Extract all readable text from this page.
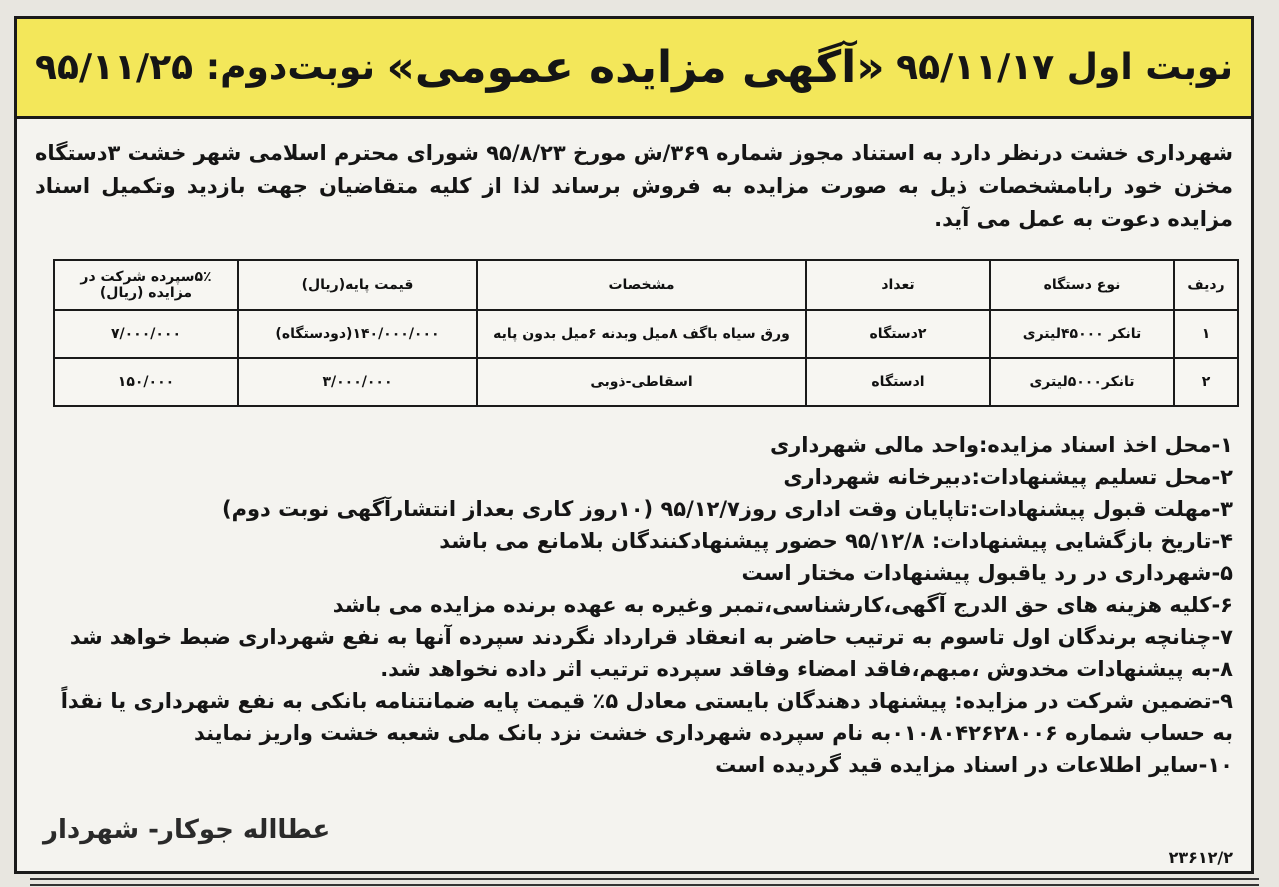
نوبت اول ۹۵/۱۱/۱۷
«آگهی مزایده عمومی»
نوبت‌دوم: ۹۵/۱۱/۲۵
شهرداری خشت درنظر دارد به استناد مجوز شماره ۳۶۹/ش مورخ ۹۵/۸/۲۳ شورای محترم اسلامی شهر خشت ۳دستگاه مخزن خود رابامشخصات ذیل به صورت مزایده به فروش برساند لذا از کلیه متقاضیان جهت بازدید وتکمیل اسناد مزایده دعوت به عمل می آید.
ردیف	نوع دستگاه	تعداد	مشخصات	قیمت پایه(ریال)	۵٪سپرده شرکت در مزایده (ریال)
۱	تانکر ۴۵۰۰۰لیتری	۲دستگاه	ورق سیاه باگف ۸میل وبدنه ۶میل بدون پایه	۱۴۰/۰۰۰/۰۰۰(دودستگاه)	۷/۰۰۰/۰۰۰
۲	تانکر۵۰۰۰لیتری	ادستگاه	اسقاطی-ذوبی	۳/۰۰۰/۰۰۰	۱۵۰/۰۰۰
۱-محل اخذ اسناد مزایده:واحد مالی شهرداری
۲-محل تسلیم پیشنهادات:دبیرخانه شهرداری
۳-مهلت قبول پیشنهادات:تاپایان وقت اداری روز۹۵/۱۲/۷ (۱۰روز کاری بعداز انتشارآگهی نوبت دوم)
۴-تاریخ بازگشایی پیشنهادات: ۹۵/۱۲/۸ حضور پیشنهادکنندگان بلامانع می باشد
۵-شهرداری در رد یاقبول پیشنهادات مختار است
۶-کلیه هزینه های حق الدرج آگهی،کارشناسی،تمبر وغیره به عهده برنده مزایده می باشد
۷-چنانچه برندگان اول تاسوم به ترتیب حاضر به انعقاد قرارداد نگردند سپرده آنها به نفع شهرداری ضبط خواهد شد
۸-به پیشنهادات مخدوش ،مبهم،فاقد امضاء وفاقد سپرده ترتیب اثر داده نخواهد شد.
۹-تضمین شرکت در مزایده: پیشنهاد دهندگان بایستی معادل ۵٪ قیمت پایه ضمانتنامه بانکی به نفع شهرداری یا نقداً به حساب شماره ۰۱۰۸۰۴۲۶۲۸۰۰۶به نام سپرده شهرداری خشت نزد بانک ملی شعبه خشت واریز نمایند
۱۰-سایر اطلاعات در اسناد مزایده قید گردیده است
عطااله جوکار- شهردار
۲۳۶۱۲/۲
